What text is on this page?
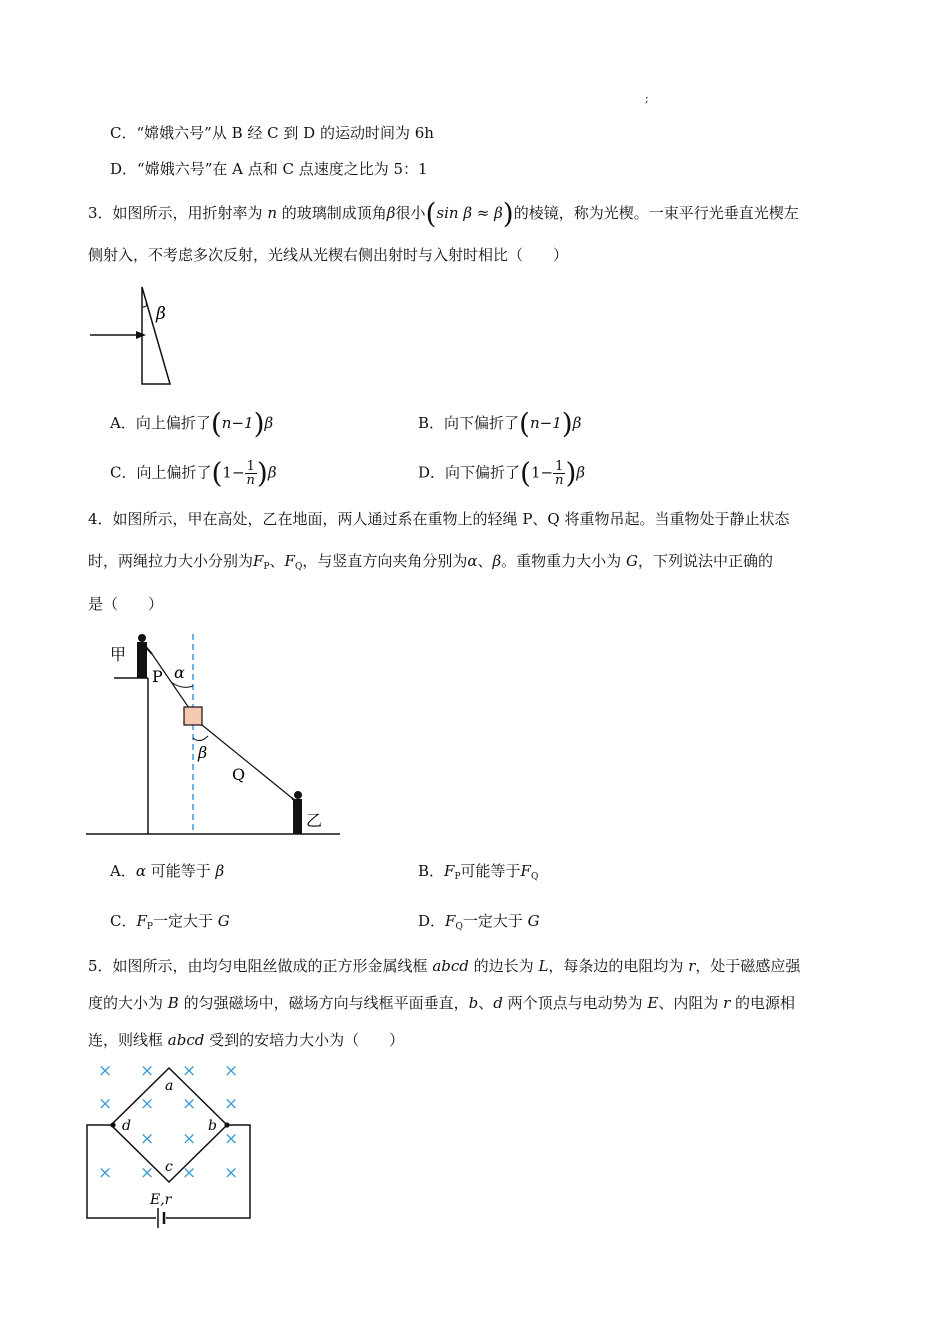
;
C．“嫦娥六号”从 B 经 C 到 D 的运动时间为 6h
D．“嫦娥六号”在 A 点和 C 点速度之比为 5：1
3．如图所示，用折射率为 n 的玻璃制成顶角β很小(sin β ≈ β)的棱镜，称为光楔。一束平行光垂直光楔左
侧射入，不考虑多次反射，光线从光楔右侧出射时与入射时相比（　　）
β
A．向上偏折了(n−1)β	B．向下偏折了(n−1)β
C．向上偏折了$(1- \frac{1}{n} )\beta$	D．向下偏折了$(1- \frac{1}{n} )\beta$
4．如图所示，甲在高处，乙在地面，两人通过系在重物上的轻绳 P、Q 将重物吊起。当重物处于静止状态
时，两绳拉力大小分别为$F_P$、$F_Q$，与竖直方向夹角分别为α、β。重物重力大小为 G，下列说法中正确的
是（　　）
甲
P α
β
Q
乙
A．α 可能等于 β	B．$F_P$可能等于$F_Q$
C．$F_P$一定大于 G	D．$F_Q$一定大于 G
5．如图所示，由均匀电阻丝做成的正方形金属线框 abcd 的边长为 L，每条边的电阻均为 r，处于磁感应强
度的大小为 B 的匀强磁场中，磁场方向与线框平面垂直，b、d 两个顶点与电动势为 E、内阻为 r 的电源相
连，则线框 abcd 受到的安培力大小为（　　）
× × × ×
× × × ×
× × ×
× × × ×
a
b
c
d
E,r
